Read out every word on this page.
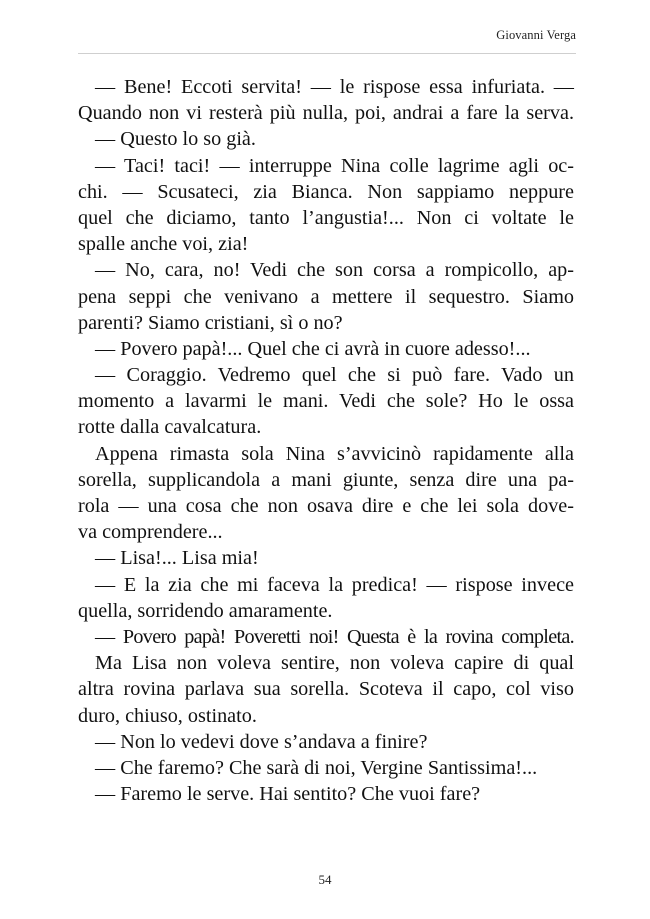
Giovanni Verga
— Bene! Eccoti servita! — le rispose essa infuriata. —
Quando non vi resterà più nulla, poi, andrai a fare la serva.
— Questo lo so già.
— Taci! taci! — interruppe Nina colle lagrime agli oc-
chi. — Scusateci, zia Bianca. Non sappiamo neppure
quel che diciamo, tanto l’angustia!... Non ci voltate le
spalle anche voi, zia!
— No, cara, no! Vedi che son corsa a rompicollo, ap-
pena seppi che venivano a mettere il sequestro. Siamo
parenti? Siamo cristiani, sì o no?
— Povero papà!... Quel che ci avrà in cuore adesso!...
— Coraggio. Vedremo quel che si può fare. Vado un
momento a lavarmi le mani. Vedi che sole? Ho le ossa
rotte dalla cavalcatura.
Appena rimasta sola Nina s’avvicinò rapidamente alla
sorella, supplicandola a mani giunte, senza dire una pa-
rola — una cosa che non osava dire e che lei sola dove-
va comprendere...
— Lisa!... Lisa mia!
— E la zia che mi faceva la predica! — rispose invece
quella, sorridendo amaramente.
— Povero papà! Poveretti noi! Questa è la rovina completa.
Ma Lisa non voleva sentire, non voleva capire di qual
altra rovina parlava sua sorella. Scoteva il capo, col viso
duro, chiuso, ostinato.
— Non lo vedevi dove s’andava a finire?
— Che faremo? Che sarà di noi, Vergine Santissima!...
— Faremo le serve. Hai sentito? Che vuoi fare?
54
